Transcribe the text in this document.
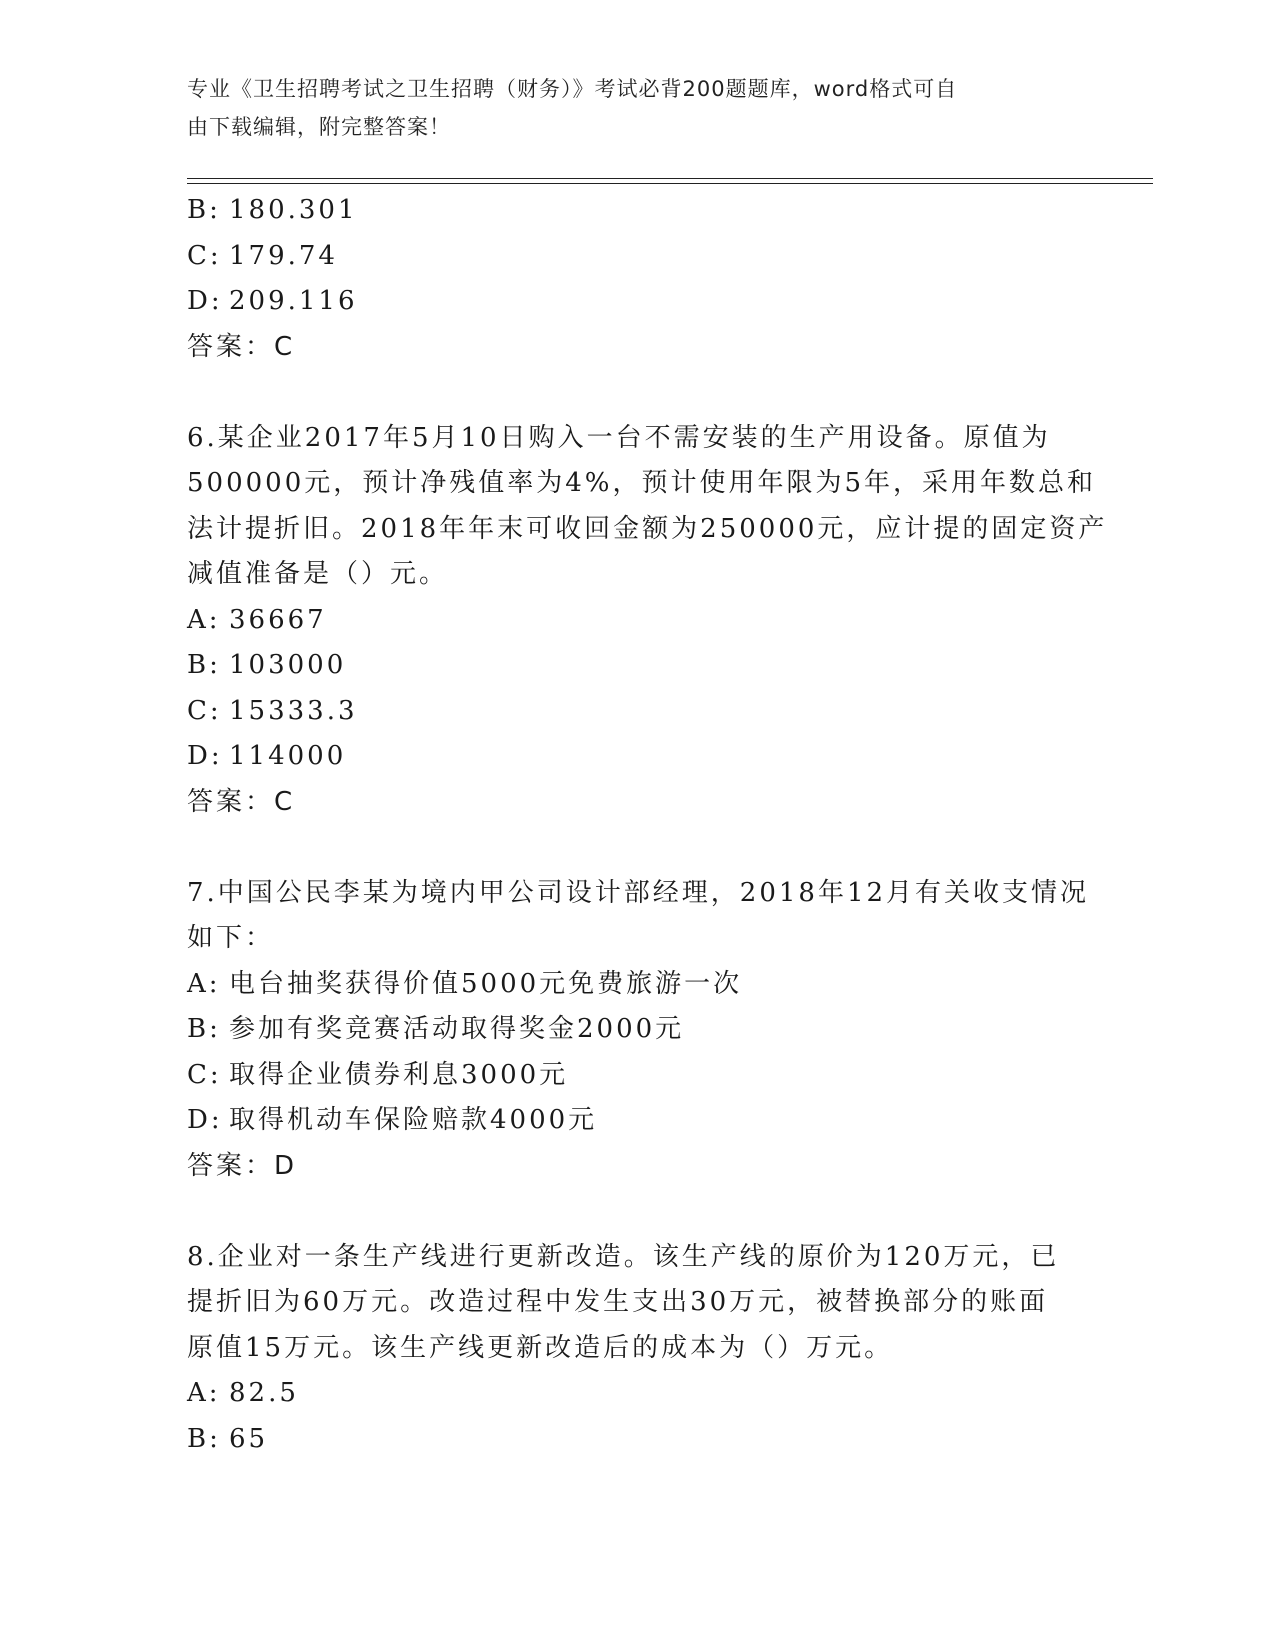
专业《卫生招聘考试之卫生招聘（财务）》考试必背200题题库，word格式可自
由下载编辑，附完整答案！
B: 180.301
C: 179.74
D: 209.116
答案：C
6.某企业2017年5月10日购入一台不需安装的生产用设备。原值为
500000元，预计净残值率为4%，预计使用年限为5年，采用年数总和
法计提折旧。2018年年末可收回金额为250000元，应计提的固定资产
减值准备是（）元。
A: 36667
B: 103000
C: 15333.3
D: 114000
答案：C
7.中国公民李某为境内甲公司设计部经理，2018年12月有关收支情况
如下：
A: 电台抽奖获得价值5000元免费旅游一次
B: 参加有奖竞赛活动取得奖金2000元
C: 取得企业债券利息3000元
D: 取得机动车保险赔款4000元
答案：D
8.企业对一条生产线进行更新改造。该生产线的原价为120万元，已
提折旧为60万元。改造过程中发生支出30万元，被替换部分的账面
原值15万元。该生产线更新改造后的成本为（）万元。
A: 82.5
B: 65
